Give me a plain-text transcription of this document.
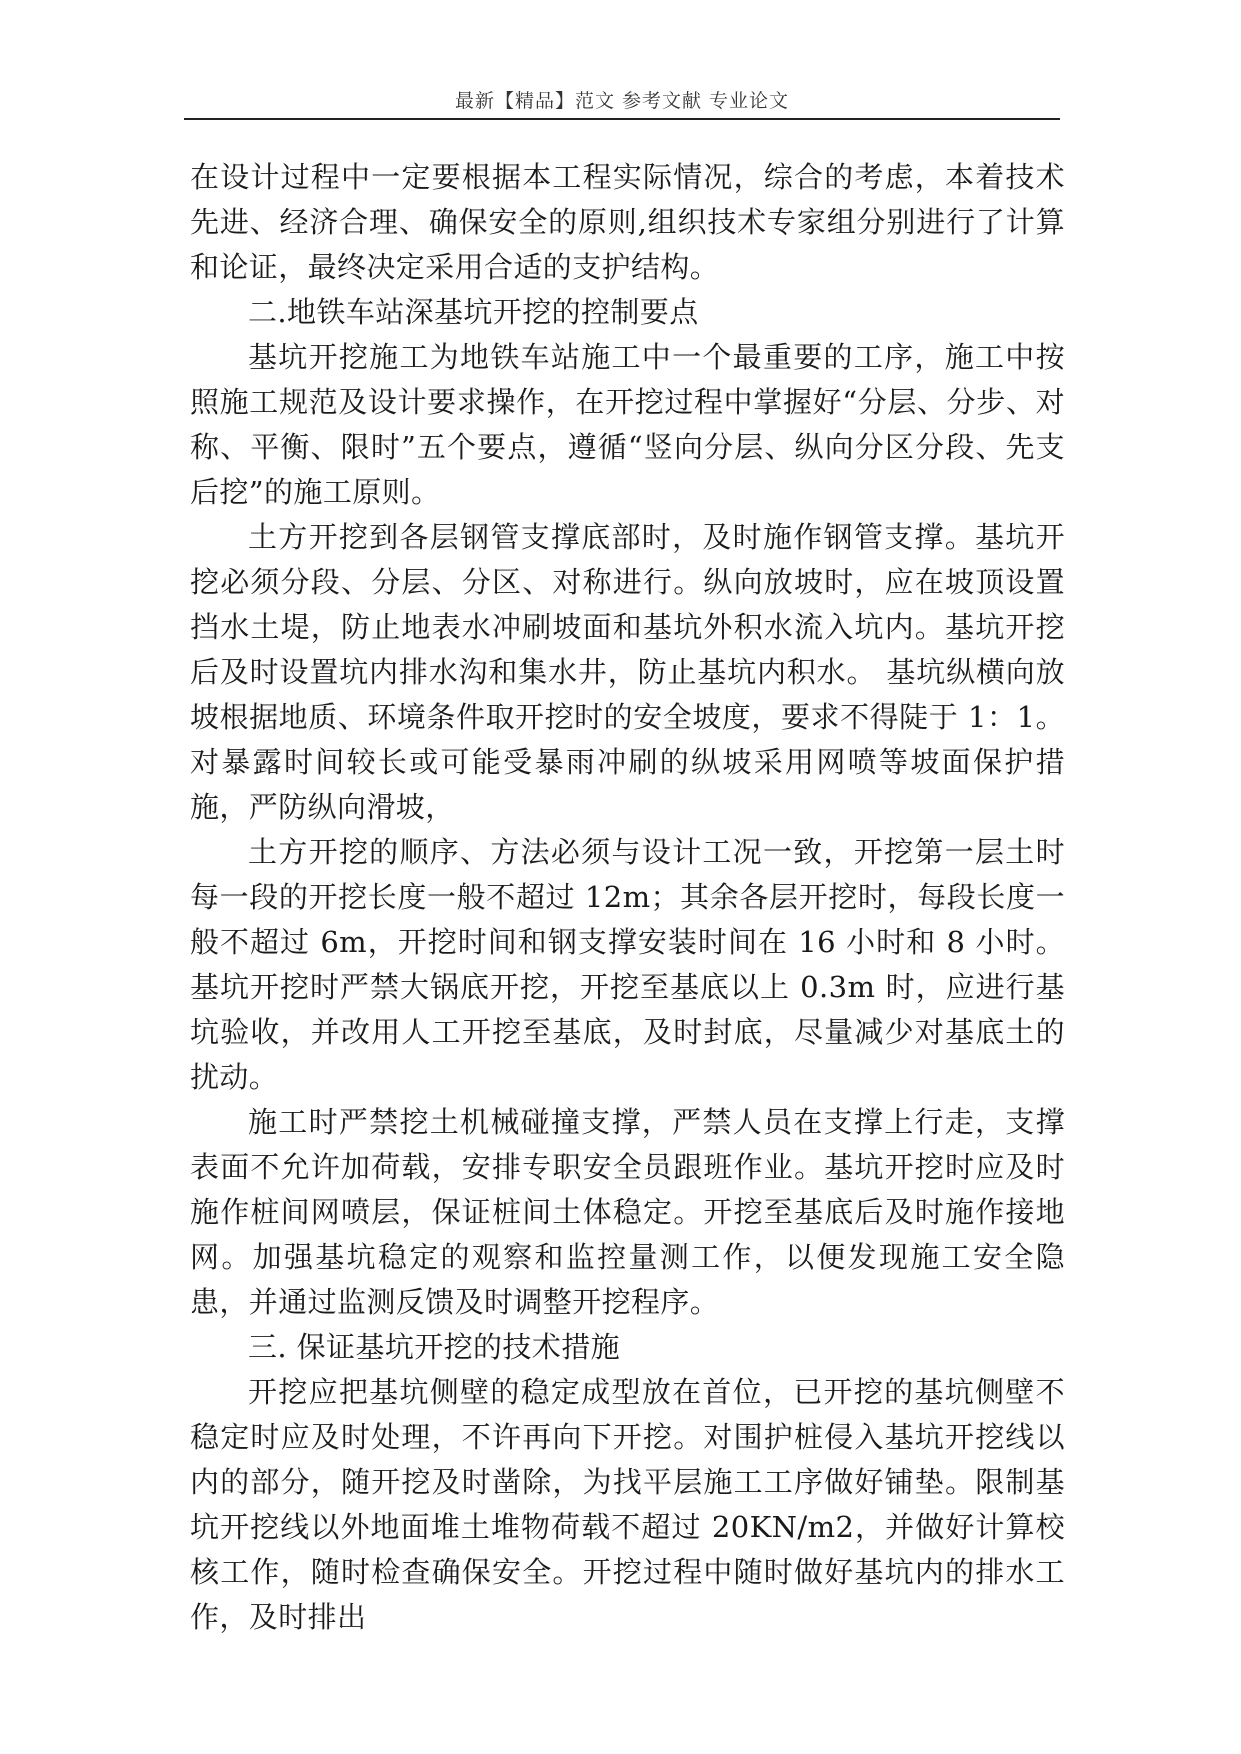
最新【精品】范文 参考文献 专业论文

在设计过程中一定要根据本工程实际情况，综合的考虑，本着技术先进、经济合理、确保安全的原则,组织技术专家组分别进行了计算和论证，最终决定采用合适的支护结构。

二.地铁车站深基坑开挖的控制要点

基坑开挖施工为地铁车站施工中一个最重要的工序，施工中按照施工规范及设计要求操作，在开挖过程中掌握好“分层、分步、对称、平衡、限时”五个要点，遵循“竖向分层、纵向分区分段、先支后挖”的施工原则。

土方开挖到各层钢管支撑底部时，及时施作钢管支撑。基坑开挖必须分段、分层、分区、对称进行。纵向放坡时，应在坡顶设置挡水土堤，防止地表水冲刷坡面和基坑外积水流入坑内。基坑开挖后及时设置坑内排水沟和集水井，防止基坑内积水。 基坑纵横向放坡根据地质、环境条件取开挖时的安全坡度，要求不得陡于 1：1。对暴露时间较长或可能受暴雨冲刷的纵坡采用网喷等坡面保护措施，严防纵向滑坡，

土方开挖的顺序、方法必须与设计工况一致，开挖第一层土时每一段的开挖长度一般不超过 12m；其余各层开挖时，每段长度一般不超过 6m，开挖时间和钢支撑安装时间在 16 小时和 8 小时。基坑开挖时严禁大锅底开挖，开挖至基底以上 0.3m 时，应进行基坑验收，并改用人工开挖至基底，及时封底，尽量减少对基底土的扰动。

施工时严禁挖土机械碰撞支撑，严禁人员在支撑上行走，支撑表面不允许加荷载，安排专职安全员跟班作业。基坑开挖时应及时施作桩间网喷层，保证桩间土体稳定。开挖至基底后及时施作接地网。加强基坑稳定的观察和监控量测工作，以便发现施工安全隐患，并通过监测反馈及时调整开挖程序。

三. 保证基坑开挖的技术措施

开挖应把基坑侧壁的稳定成型放在首位，已开挖的基坑侧壁不稳定时应及时处理，不许再向下开挖。对围护桩侵入基坑开挖线以内的部分，随开挖及时凿除，为找平层施工工序做好铺垫。限制基坑开挖线以外地面堆土堆物荷载不超过 20KN/m2，并做好计算校核工作，随时检查确保安全。开挖过程中随时做好基坑内的排水工作，及时排出
